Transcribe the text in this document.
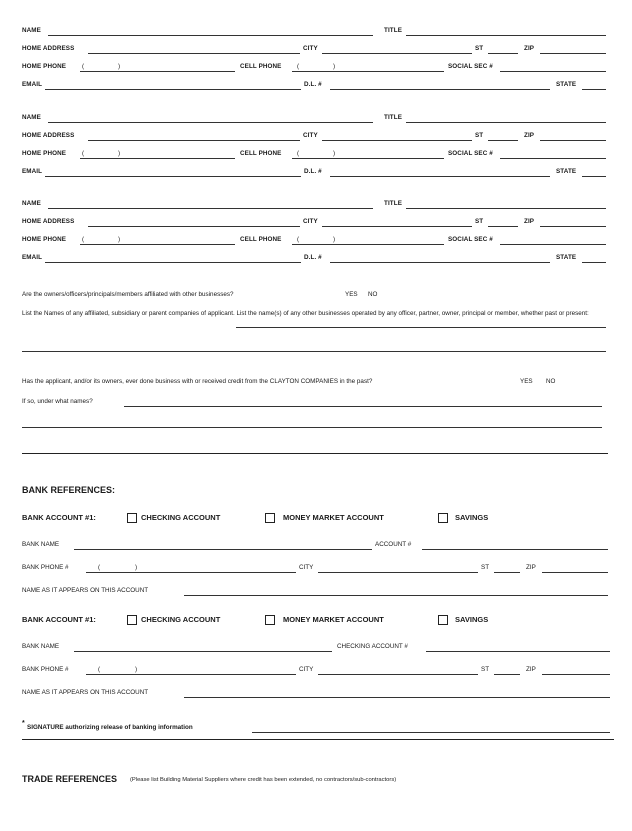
NAME	TITLE
HOME ADDRESS	CITY	ST	ZIP
HOME PHONE	(	)	CELL PHONE (	)	SOCIAL SEC #
EMAIL	D.L. #	STATE
NAME	TITLE
HOME ADDRESS	CITY	ST	ZIP
HOME PHONE	(	)	CELL PHONE (	)	SOCIAL SEC #
EMAIL	D.L. #	STATE
NAME	TITLE
HOME ADDRESS	CITY	ST	ZIP
HOME PHONE	(	)	CELL PHONE (	)	SOCIAL SEC #
EMAIL	D.L. #	STATE
Are the owners/officers/principals/members affiliated with other businesses?	YES NO
List the Names of any affiliated, subsidiary or parent companies of applicant. List the name(s) of any other businesses operated by any officer, partner, owner, principal or member, whether past or present:
Has the applicant, and/or its owners, ever done business with or received credit from the CLAYTON COMPANIES in the past?	YES NO
If so, under what names?
BANK REFERENCES:
BANK ACCOUNT #1:	CHECKING ACCOUNT	MONEY MARKET ACCOUNT	SAVINGS
BANK NAME	ACCOUNT #
BANK PHONE #	(	)	CITY	ST	ZIP
NAME AS IT APPEARS ON THIS ACCOUNT
BANK ACCOUNT #1:	CHECKING ACCOUNT	MONEY MARKET ACCOUNT	SAVINGS
BANK NAME	CHECKING ACCOUNT #
BANK PHONE #	(	)	CITY	ST	ZIP
NAME AS IT APPEARS ON THIS ACCOUNT
*
SIGNATURE authorizing release of banking information
TRADE REFERENCES (Please list Building Material Suppliers where credit has been extended, no contractors/sub-contractors)
